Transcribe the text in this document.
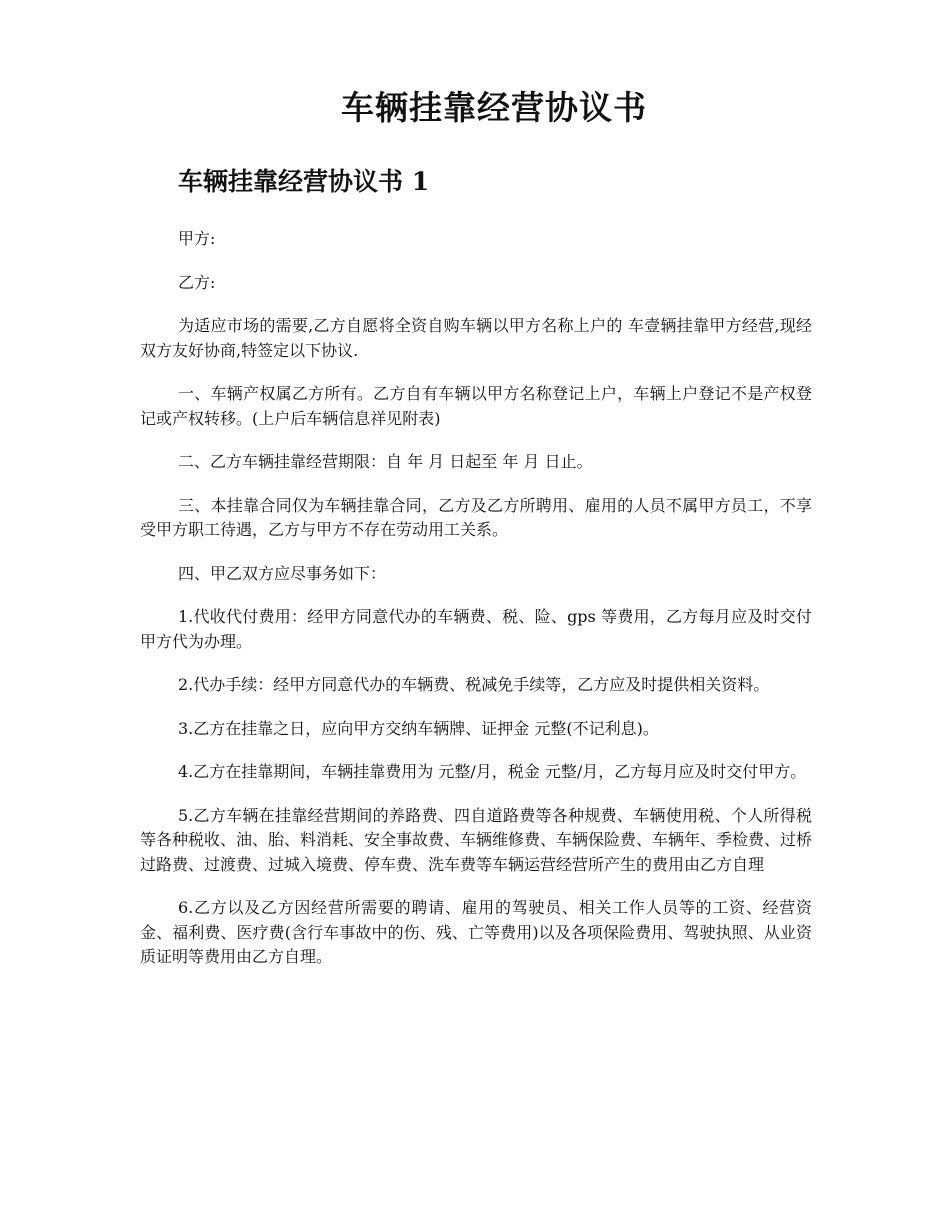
车辆挂靠经营协议书
车辆挂靠经营协议书 1

甲方:

乙方:

为适应市场的需要,乙方自愿将全资自购车辆以甲方名称上户的 车壹辆挂靠甲方经营,现经双方友好协商,特签定以下协议.

一、车辆产权属乙方所有。乙方自有车辆以甲方名称登记上户，车辆上户登记不是产权登记或产权转移。(上户后车辆信息祥见附表)

二、乙方车辆挂靠经营期限：自 年 月 日起至 年 月 日止。

三、本挂靠合同仅为车辆挂靠合同，乙方及乙方所聘用、雇用的人员不属甲方员工，不享受甲方职工待遇，乙方与甲方不存在劳动用工关系。

四、甲乙双方应尽事务如下：

1.代收代付费用：经甲方同意代办的车辆费、税、险、gps 等费用，乙方每月应及时交付甲方代为办理。

2.代办手续：经甲方同意代办的车辆费、税减免手续等，乙方应及时提供相关资料。

3.乙方在挂靠之日，应向甲方交纳车辆牌、证押金 元整(不记利息)。

4.乙方在挂靠期间，车辆挂靠费用为 元整/月，税金 元整/月，乙方每月应及时交付甲方。

5.乙方车辆在挂靠经营期间的养路费、四自道路费等各种规费、车辆使用税、个人所得税等各种税收、油、胎、料消耗、安全事故费、车辆维修费、车辆保险费、车辆年、季检费、过桥过路费、过渡费、过城入境费、停车费、洗车费等车辆运营经营所产生的费用由乙方自理

6.乙方以及乙方因经营所需要的聘请、雇用的驾驶员、相关工作人员等的工资、经营资金、福利费、医疗费(含行车事故中的伤、残、亡等费用)以及各项保险费用、驾驶执照、从业资质证明等费用由乙方自理。
